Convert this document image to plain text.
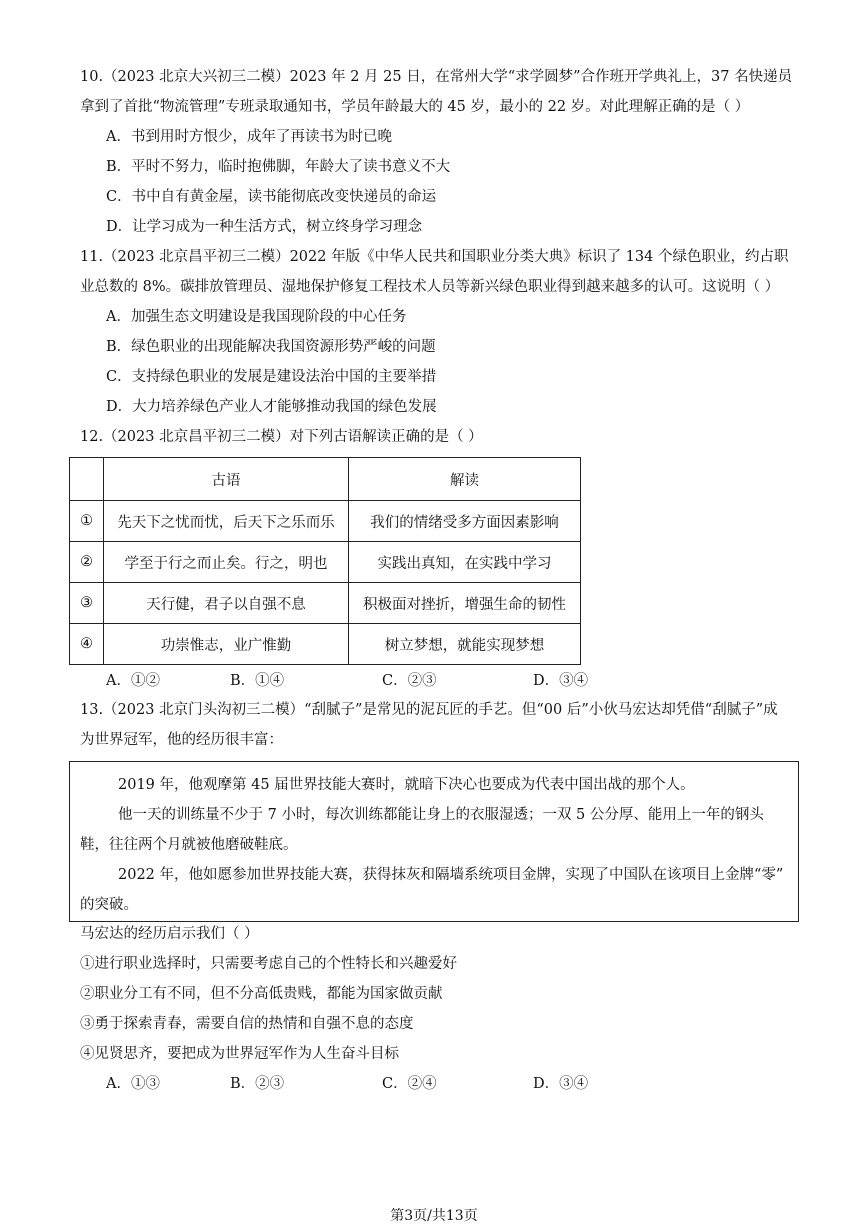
10.（2023 北京大兴初三二模）2023 年 2 月 25 日，在常州大学“求学圆梦”合作班开学典礼上，37 名快递员
拿到了首批“物流管理”专班录取通知书，学员年龄最大的 45 岁，最小的 22 岁。对此理解正确的是（ ）
A．书到用时方恨少，成年了再读书为时已晚
B．平时不努力，临时抱佛脚，年龄大了读书意义不大
C．书中自有黄金屋，读书能彻底改变快递员的命运
D．让学习成为一种生活方式，树立终身学习理念
11.（2023 北京昌平初三二模）2022 年版《中华人民共和国职业分类大典》标识了 134 个绿色职业，约占职
业总数的 8%。碳排放管理员、湿地保护修复工程技术人员等新兴绿色职业得到越来越多的认可。这说明（ ）
A．加强生态文明建设是我国现阶段的中心任务
B．绿色职业的出现能解决我国资源形势严峻的问题
C．支持绿色职业的发展是建设法治中国的主要举措
D．大力培养绿色产业人才能够推动我国的绿色发展
12.（2023 北京昌平初三二模）对下列古语解读正确的是（ ）
	古语	解读
①	先天下之忧而忧，后天下之乐而乐	我们的情绪受多方面因素影响
②	学至于行之而止矣。行之，明也	实践出真知，在实践中学习
③	天行健，君子以自强不息	积极面对挫折，增强生命的韧性
④	功崇惟志，业广惟勤	树立梦想，就能实现梦想
A．①②	B．①④	C．②③	D．③④
13.（2023 北京门头沟初三二模）“刮腻子”是常见的泥瓦匠的手艺。但“00 后”小伙马宏达却凭借“刮腻子”成
为世界冠军，他的经历很丰富：
2019 年，他观摩第 45 届世界技能大赛时，就暗下决心也要成为代表中国出战的那个人。
他一天的训练量不少于 7 小时，每次训练都能让身上的衣服湿透；一双 5 公分厚、能用上一年的钢头
鞋，往往两个月就被他磨破鞋底。
2022 年，他如愿参加世界技能大赛，获得抹灰和隔墙系统项目金牌，实现了中国队在该项目上金牌“零”
的突破。
马宏达的经历启示我们（ ）
①进行职业选择时，只需要考虑自己的个性特长和兴趣爱好
②职业分工有不同，但不分高低贵贱，都能为国家做贡献
③勇于探索青春，需要自信的热情和自强不息的态度
④见贤思齐，要把成为世界冠军作为人生奋斗目标
A．①③	B．②③	C．②④	D．③④
第3页/共13页
